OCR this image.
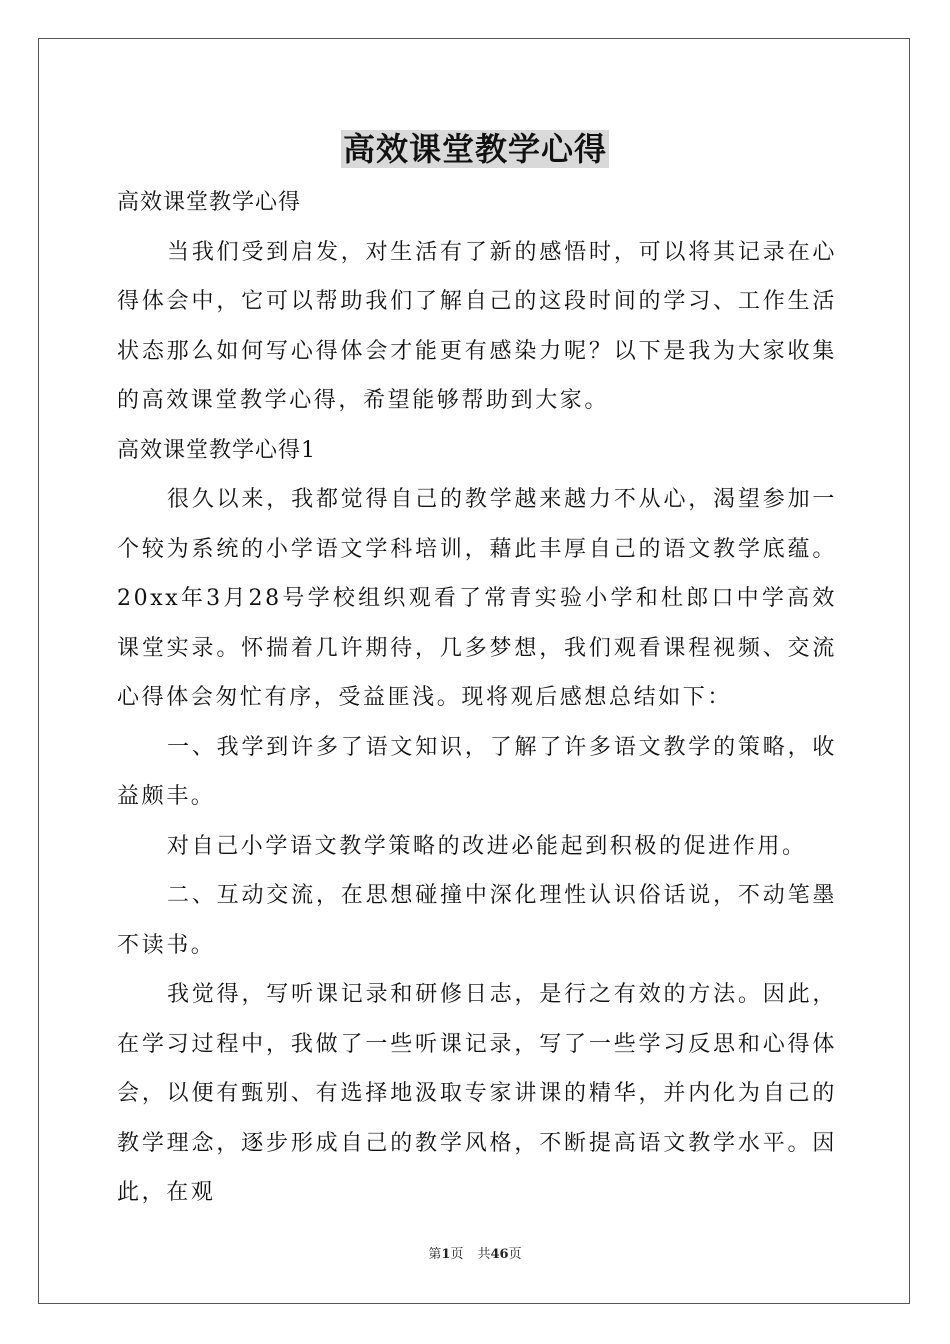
高效课堂教学心得

高效课堂教学心得

当我们受到启发，对生活有了新的感悟时，可以将其记录在心得体会中，它可以帮助我们了解自己的这段时间的学习、工作生活状态那么如何写心得体会才能更有感染力呢？以下是我为大家收集的高效课堂教学心得，希望能够帮助到大家。

高效课堂教学心得1

很久以来，我都觉得自己的教学越来越力不从心，渴望参加一个较为系统的小学语文学科培训，藉此丰厚自己的语文教学底蕴。20xx年3月28号学校组织观看了常青实验小学和杜郎口中学高效课堂实录。怀揣着几许期待，几多梦想，我们观看课程视频、交流心得体会匆忙有序，受益匪浅。现将观后感想总结如下：

一、我学到许多了语文知识，了解了许多语文教学的策略，收益颇丰。

对自己小学语文教学策略的改进必能起到积极的促进作用。

二、互动交流，在思想碰撞中深化理性认识俗话说，不动笔墨不读书。

我觉得，写听课记录和研修日志，是行之有效的方法。因此，在学习过程中，我做了一些听课记录，写了一些学习反思和心得体会，以便有甄别、有选择地汲取专家讲课的精华，并内化为自己的教学理念，逐步形成自己的教学风格，不断提高语文教学水平。因此，在观

第1页 共46页
